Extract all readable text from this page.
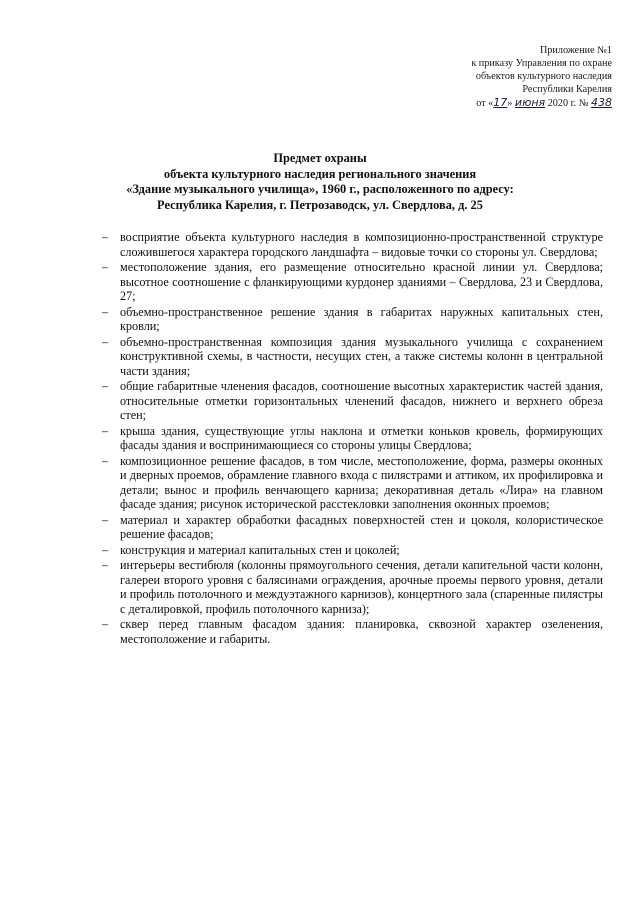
Приложение №1
к приказу Управления по охране
объектов культурного наследия
Республики Карелия
от «17» июня 2020 г. № 438
Предмет охраны
объекта культурного наследия регионального значения
«Здание музыкального училища», 1960 г., расположенного по адресу:
Республика Карелия, г. Петрозаводск, ул. Свердлова, д. 25
– восприятие объекта культурного наследия в композиционно-пространственной структуре сложившегося характера городского ландшафта – видовые точки со стороны ул. Свердлова;
– местоположение здания, его размещение относительно красной линии ул. Свердлова; высотное соотношение с фланкирующими курдонер зданиями – Свердлова, 23 и Свердлова, 27;
– объемно-пространственное решение здания в габаритах наружных капитальных стен, кровли;
– объемно-пространственная композиция здания музыкального училища с сохранением конструктивной схемы, в частности, несущих стен, а также системы колонн в центральной части здания;
– общие габаритные членения фасадов, соотношение высотных характеристик частей здания, относительные отметки горизонтальных членений фасадов, нижнего и верхнего обреза стен;
– крыша здания, существующие углы наклона и отметки коньков кровель, формирующих фасады здания и воспринимающиеся со стороны улицы Свердлова;
– композиционное решение фасадов, в том числе, местоположение, форма, размеры оконных и дверных проемов, обрамление главного входа с пилястрами и аттиком, их профилировка и детали; вынос и профиль венчающего карниза; декоративная деталь «Лира» на главном фасаде здания; рисунок исторической расстекловки заполнения оконных проемов;
– материал и характер обработки фасадных поверхностей стен и цоколя, колористическое решение фасадов;
– конструкция и материал капитальных стен и цоколей;
– интерьеры вестибюля (колонны прямоугольного сечения, детали капительной части колонн, галереи второго уровня с балясинами ограждения, арочные проемы первого уровня, детали и профиль потолочного и междуэтажного карнизов), концертного зала (спаренные пилястры с деталировкой, профиль потолочного карниза);
– сквер перед главным фасадом здания: планировка, сквозной характер озеленения, местоположение и габариты.
